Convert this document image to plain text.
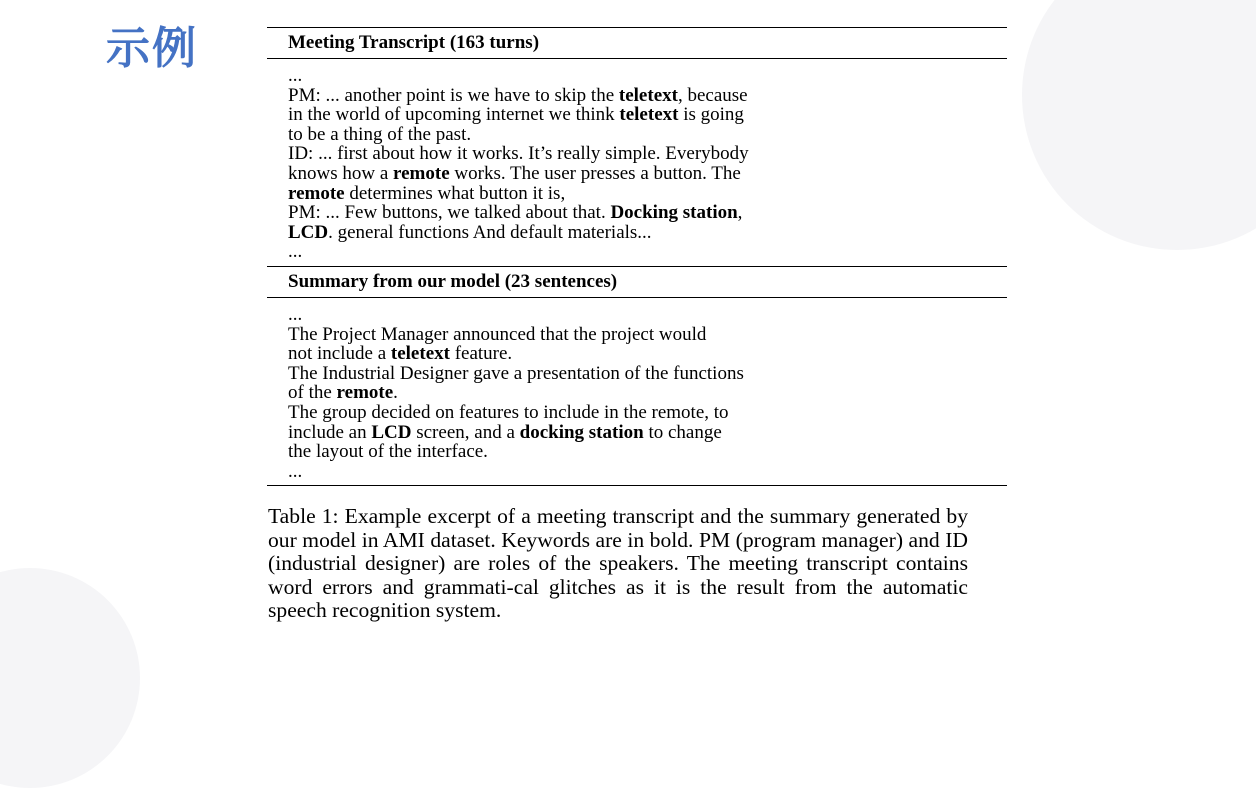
示例	Meeting Transcript (163 turns)
...
PM: ... another point is we have to skip the teletext, because
in the world of upcoming internet we think teletext is going
to be a thing of the past.
ID: ... first about how it works. It’s really simple. Everybody
knows how a remote works. The user presses a button. The
remote determines what button it is,
PM: ... Few buttons, we talked about that. Docking station,
LCD. general functions And default materials...
...
Summary from our model (23 sentences)
...
The Project Manager announced that the project would
not include a teletext feature.
The Industrial Designer gave a presentation of the functions
of the remote.
The group decided on features to include in the remote, to
include an LCD screen, and a docking station to change
the layout of the interface.
...
Table 1: Example excerpt of a meeting transcript and the summary generated by our model in AMI dataset. Keywords are in bold. PM (program manager) and ID (industrial designer) are roles of the speakers. The meeting transcript contains word errors and grammati-cal glitches as it is the result from the automatic speech recognition system.
